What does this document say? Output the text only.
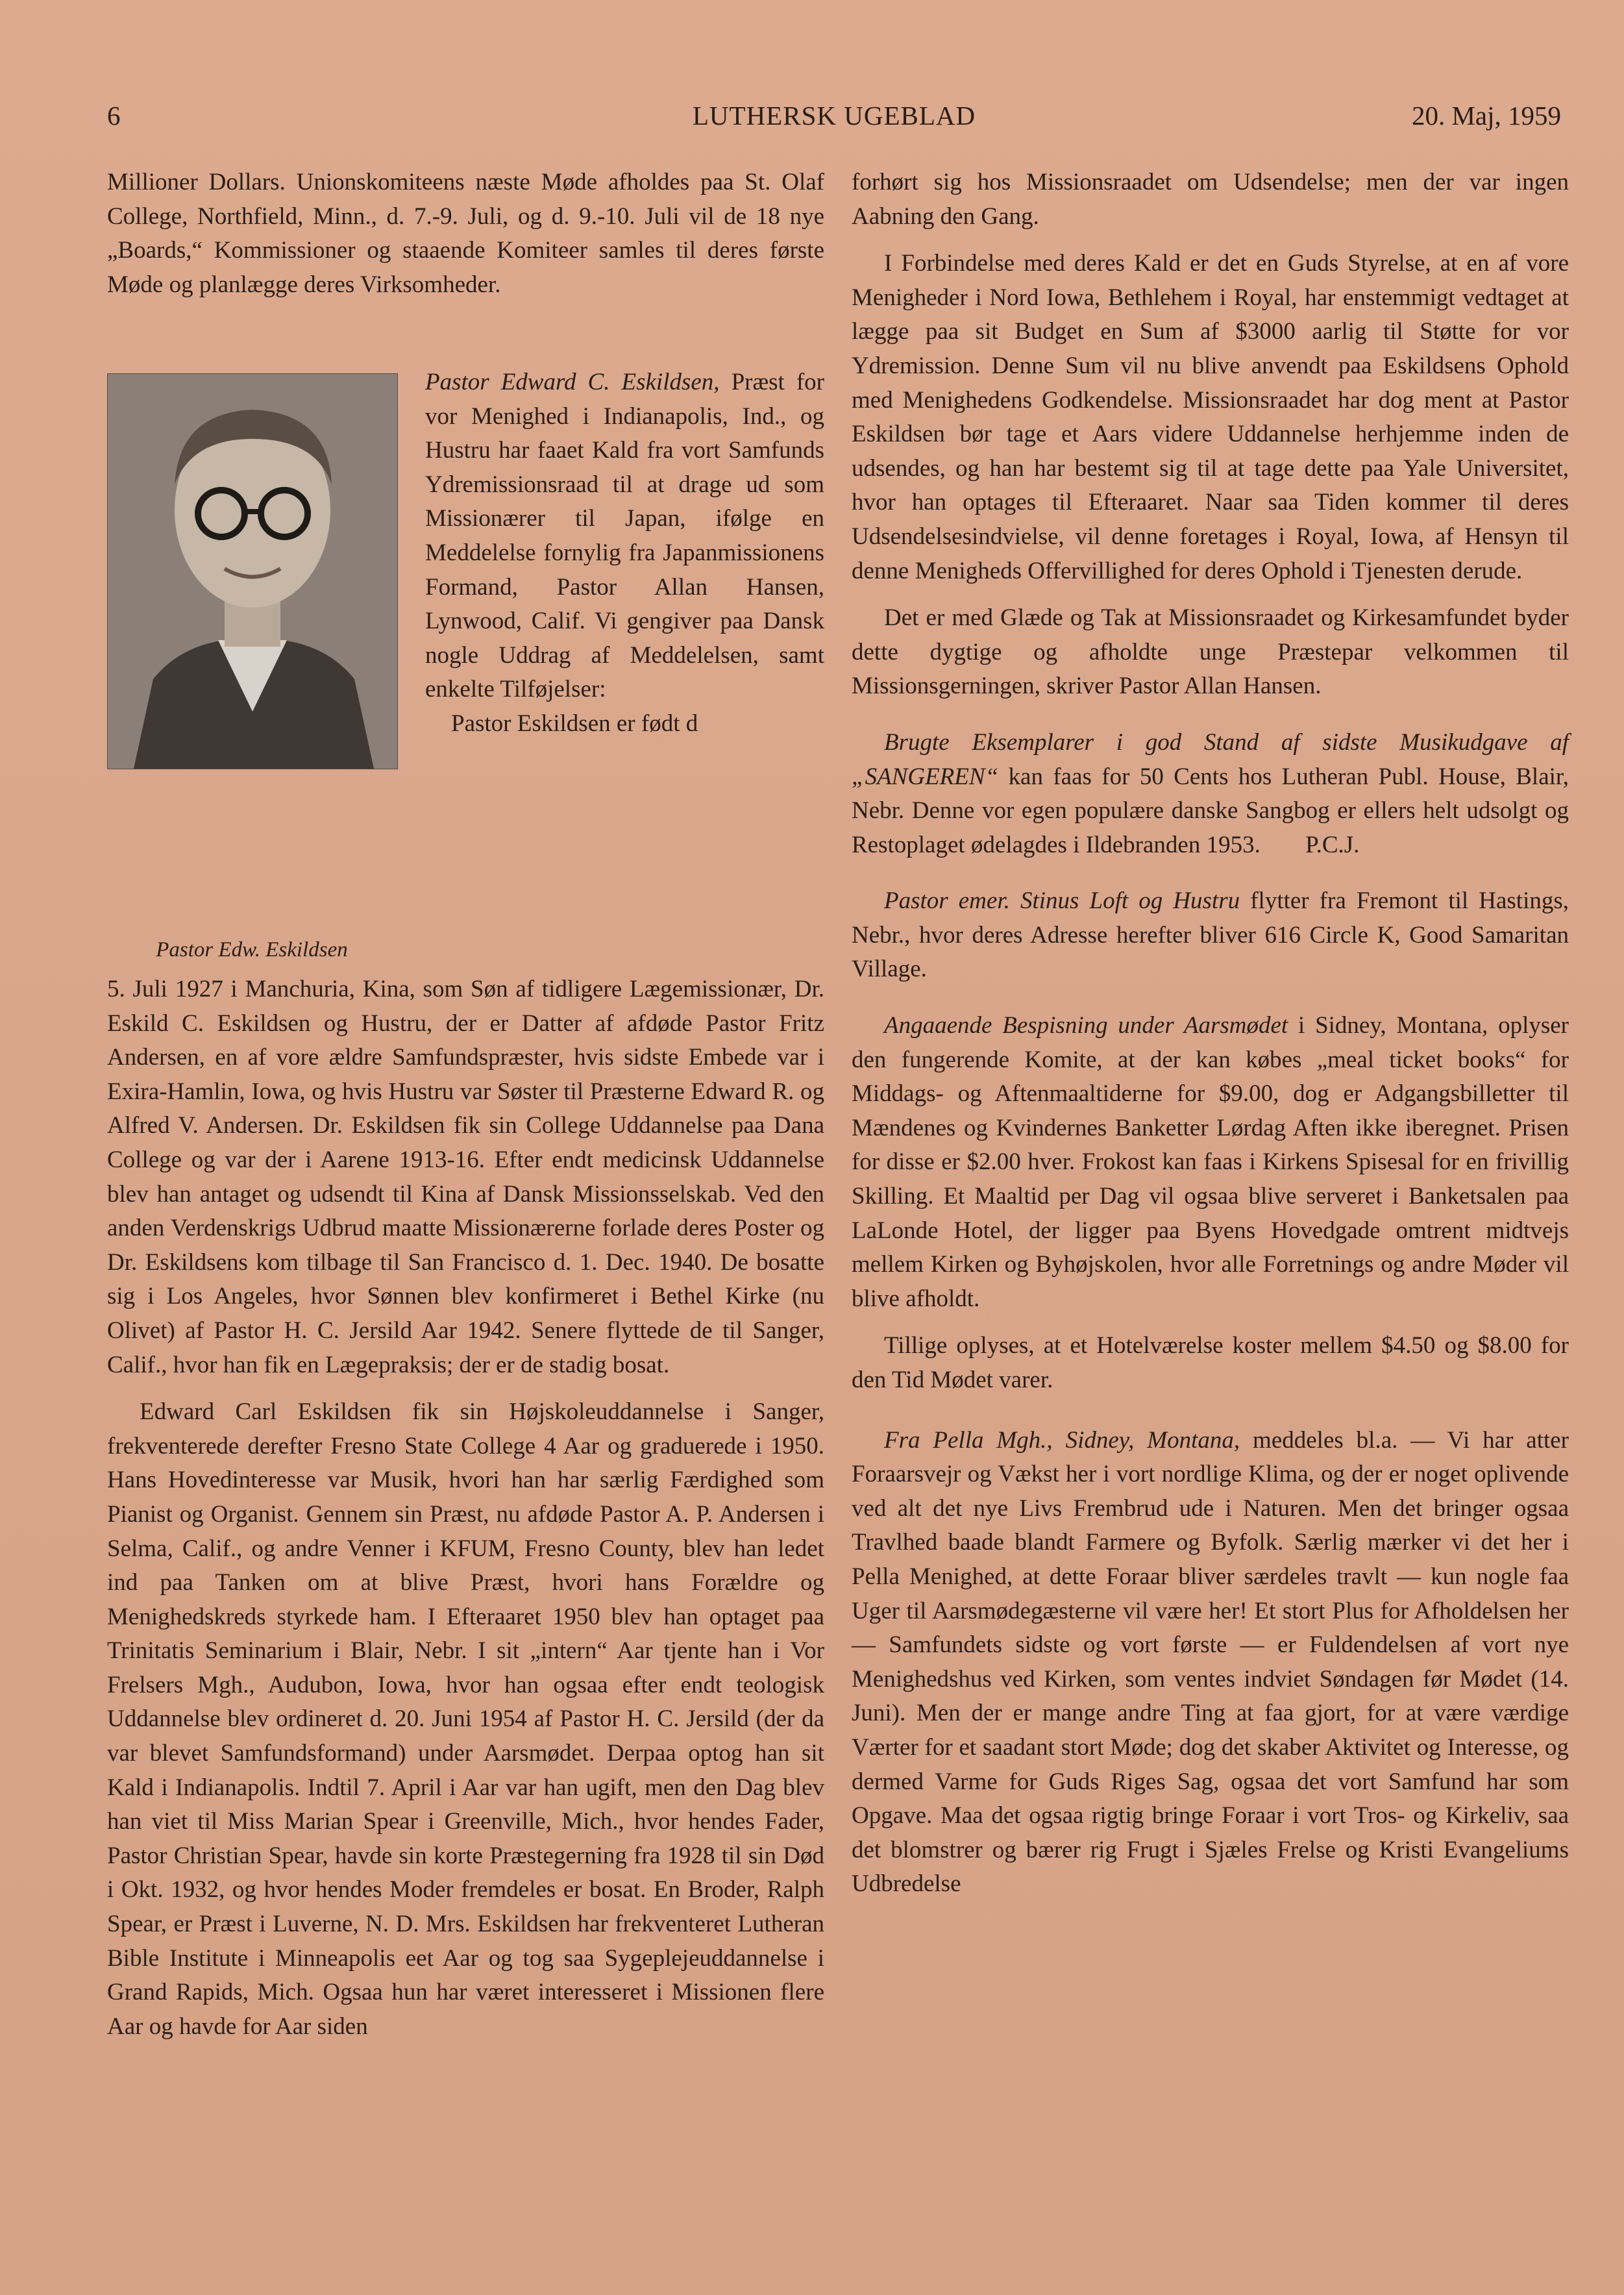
LUTHERSK UGEBLAD
6	20. Maj, 1959

Millioner Dollars. Unionskomiteens næste Møde afholdes paa St. Olaf College, Northfield, Minn., d. 7.-9. Juli, og d. 9.-10. Juli vil de 18 nye „Boards,“ Kommissioner og staaende Komiteer samles til deres første Møde og planlægge deres Virksomheder.

Pastor Edw. Eskildsen
Pastor Edward C. Eskildsen, Præst for vor Menighed i Indianapolis, Ind., og Hustru har faaet Kald fra vort Samfunds Ydremissionsraad til at drage ud som Missionærer til Japan, ifølge en Meddelelse fornylig fra Japanmissionens Formand, Pastor Allan Hansen, Lynwood, Calif. Vi gengiver paa Dansk nogle Uddrag af Meddelelsen, samt enkelte Tilføjelser:
Pastor Eskildsen er født d

5. Juli 1927 i Manchuria, Kina, som Søn af tidligere Lægemissionær, Dr. Eskild C. Eskildsen og Hustru, der er Datter af afdøde Pastor Fritz Andersen, en af vore ældre Samfundspræster, hvis sidste Embede var i Exira-Hamlin, Iowa, og hvis Hustru var Søster til Præsterne Edward R. og Alfred V. Andersen. Dr. Eskildsen fik sin College Uddannelse paa Dana College og var der i Aarene 1913-16. Efter endt medicinsk Uddannelse blev han antaget og udsendt til Kina af Dansk Missionsselskab. Ved den anden Verdenskrigs Udbrud maatte Missionærerne forlade deres Poster og Dr. Eskildsens kom tilbage til San Francisco d. 1. Dec. 1940. De bosatte sig i Los Angeles, hvor Sønnen blev konfirmeret i Bethel Kirke (nu Olivet) af Pastor H. C. Jersild Aar 1942. Senere flyttede de til Sanger, Calif., hvor han fik en Lægepraksis; der er de stadig bosat.

Edward Carl Eskildsen fik sin Højskoleuddannelse i Sanger, frekventerede derefter Fresno State College 4 Aar og graduerede i 1950. Hans Hovedinteresse var Musik, hvori han har særlig Færdighed som Pianist og Organist. Gennem sin Præst, nu afdøde Pastor A. P. Andersen i Selma, Calif., og andre Venner i KFUM, Fresno County, blev han ledet ind paa Tanken om at blive Præst, hvori hans Forældre og Menighedskreds styrkede ham. I Efteraaret 1950 blev han optaget paa Trinitatis Seminarium i Blair, Nebr. I sit „intern“ Aar tjente han i Vor Frelsers Mgh., Audubon, Iowa, hvor han ogsaa efter endt teologisk Uddannelse blev ordineret d. 20. Juni 1954 af Pastor H. C. Jersild (der da var blevet Samfundsformand) under Aarsmødet. Derpaa optog han sit Kald i Indianapolis. Indtil 7. April i Aar var han ugift, men den Dag blev han viet til Miss Marian Spear i Greenville, Mich., hvor hendes Fader, Pastor Christian Spear, havde sin korte Præstegerning fra 1928 til sin Død i Okt. 1932, og hvor hendes Moder fremdeles er bosat. En Broder, Ralph Spear, er Præst i Luverne, N. D. Mrs. Eskildsen har frekventeret Lutheran Bible Institute i Minneapolis eet Aar og tog saa Sygeplejeuddannelse i Grand Rapids, Mich. Ogsaa hun har været interesseret i Missionen flere Aar og havde for Aar siden

forhørt sig hos Missionsraadet om Udsendelse; men der var ingen Aabning den Gang.

I Forbindelse med deres Kald er det en Guds Styrelse, at en af vore Menigheder i Nord Iowa, Bethlehem i Royal, har enstemmigt vedtaget at lægge paa sit Budget en Sum af $3000 aarlig til Støtte for vor Ydremission. Denne Sum vil nu blive anvendt paa Eskildsens Ophold med Menighedens Godkendelse. Missionsraadet har dog ment at Pastor Eskildsen bør tage et Aars videre Uddannelse herhjemme inden de udsendes, og han har bestemt sig til at tage dette paa Yale Universitet, hvor han optages til Efteraaret. Naar saa Tiden kommer til deres Udsendelsesindvielse, vil denne foretages i Royal, Iowa, af Hensyn til denne Menigheds Offervillighed for deres Ophold i Tjenesten derude.

Det er med Glæde og Tak at Missionsraadet og Kirkesamfundet byder dette dygtige og afholdte unge Præstepar velkommen til Missionsgerningen, skriver Pastor Allan Hansen.

Brugte Eksemplarer i god Stand af sidste Musikudgave af „SANGEREN“ kan faas for 50 Cents hos Lutheran Publ. House, Blair, Nebr. Denne vor egen populære danske Sangbog er ellers helt udsolgt og Restoplaget ødelagdes i Ildebranden 1953. P.C.J.

Pastor emer. Stinus Loft og Hustru flytter fra Fremont til Hastings, Nebr., hvor deres Adresse herefter bliver 616 Circle K, Good Samaritan Village.

Angaaende Bespisning under Aarsmødet i Sidney, Montana, oplyser den fungerende Komite, at der kan købes „meal ticket books“ for Middags- og Aftenmaaltiderne for $9.00, dog er Adgangsbilletter til Mændenes og Kvindernes Banketter Lørdag Aften ikke iberegnet. Prisen for disse er $2.00 hver. Frokost kan faas i Kirkens Spisesal for en frivillig Skilling. Et Maaltid per Dag vil ogsaa blive serveret i Banketsalen paa LaLonde Hotel, der ligger paa Byens Hovedgade omtrent midtvejs mellem Kirken og Byhøjskolen, hvor alle Forretnings og andre Møder vil blive afholdt.

Tillige oplyses, at et Hotelværelse koster mellem $4.50 og $8.00 for den Tid Mødet varer.

Fra Pella Mgh., Sidney, Montana, meddeles bl.a. — Vi har atter Foraarsvejr og Vækst her i vort nordlige Klima, og der er noget oplivende ved alt det nye Livs Frembrud ude i Naturen. Men det bringer ogsaa Travlhed baade blandt Farmere og Byfolk. Særlig mærker vi det her i Pella Menighed, at dette Foraar bliver særdeles travlt — kun nogle faa Uger til Aarsmødegæsterne vil være her! Et stort Plus for Afholdelsen her — Samfundets sidste og vort første — er Fuldendelsen af vort nye Menighedshus ved Kirken, som ventes indviet Søndagen før Mødet (14. Juni). Men der er mange andre Ting at faa gjort, for at være værdige Værter for et saadant stort Møde; dog det skaber Aktivitet og Interesse, og dermed Varme for Guds Riges Sag, ogsaa det vort Samfund har som Opgave. Maa det ogsaa rigtig bringe Foraar i vort Tros- og Kirkeliv, saa det blomstrer og bærer rig Frugt i Sjæles Frelse og Kristi Evangeliums Udbredelse
